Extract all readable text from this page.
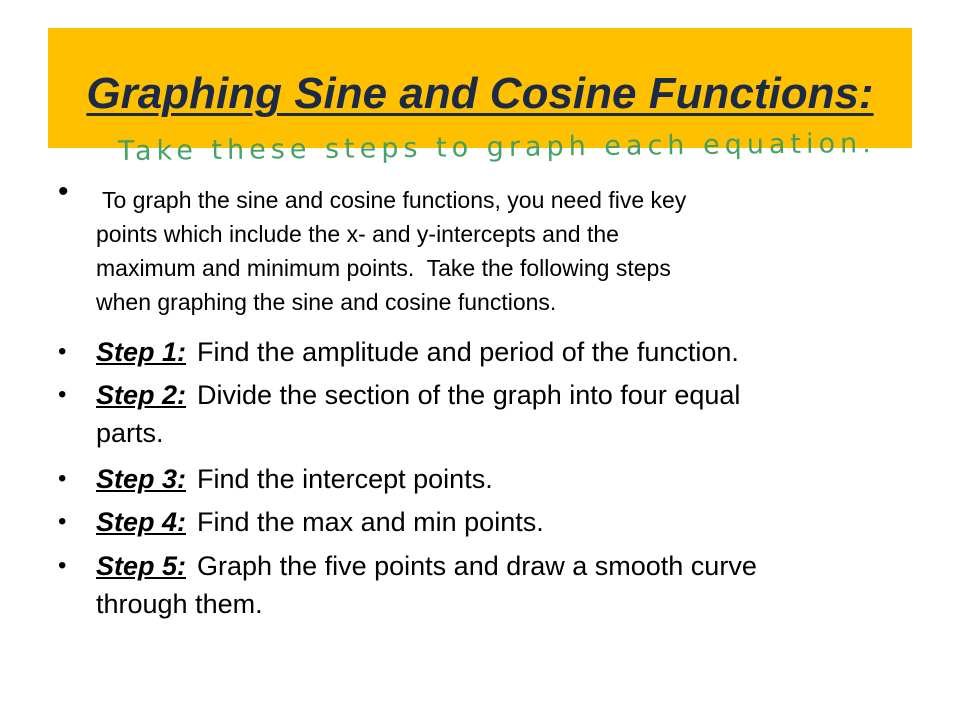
Graphing Sine and Cosine Functions:
Take these steps to graph each equation.
• To graph the sine and cosine functions, you need five key
points which include the x- and y-intercepts and the
maximum and minimum points.  Take the following steps
when graphing the sine and cosine functions.
• Step 1: Find the amplitude and period of the function.
• Step 2: Divide the section of the graph into four equal
parts.
• Step 3: Find the intercept points.
• Step 4: Find the max and min points.
• Step 5: Graph the five points and draw a smooth curve
through them.
